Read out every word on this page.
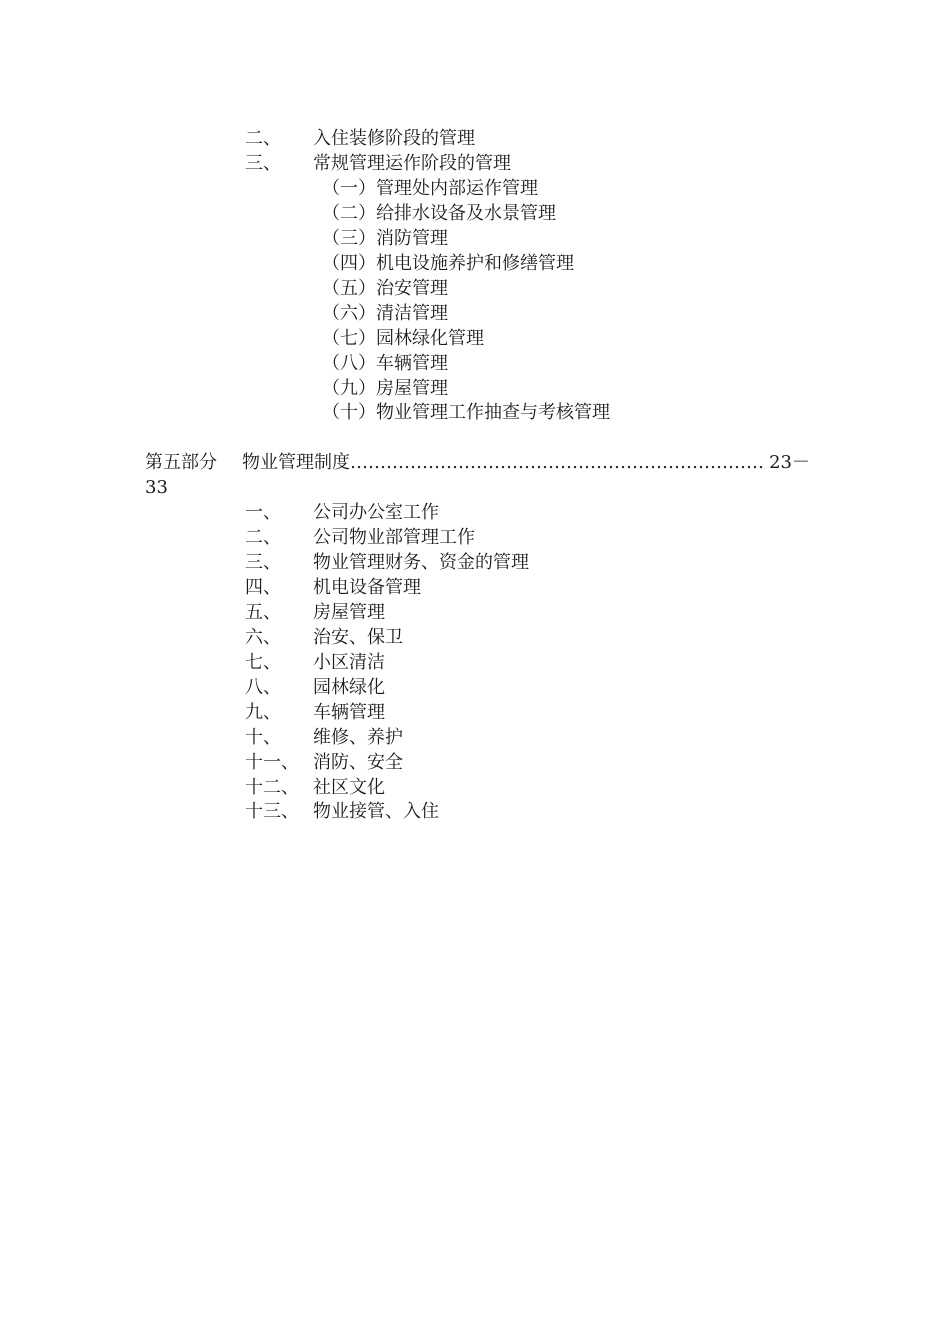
二、 入住装修阶段的管理
三、 常规管理运作阶段的管理
（一）管理处内部运作管理
（二）给排水设备及水景管理
（三）消防管理
（四）机电设施养护和修缮管理
（五）治安管理
（六）清洁管理
（七）园林绿化管理
（八）车辆管理
（九）房屋管理
（十）物业管理工作抽查与考核管理
第五部分	物业管理制度 …………………………………………………………… 23－
33
一、 公司办公室工作
二、 公司物业部管理工作
三、 物业管理财务、资金的管理
四、 机电设备管理
五、 房屋管理
六、 治安、保卫
七、 小区清洁
八、 园林绿化
九、 车辆管理
十、 维修、养护
十一、 消防、安全
十二、 社区文化
十三、 物业接管、入住
